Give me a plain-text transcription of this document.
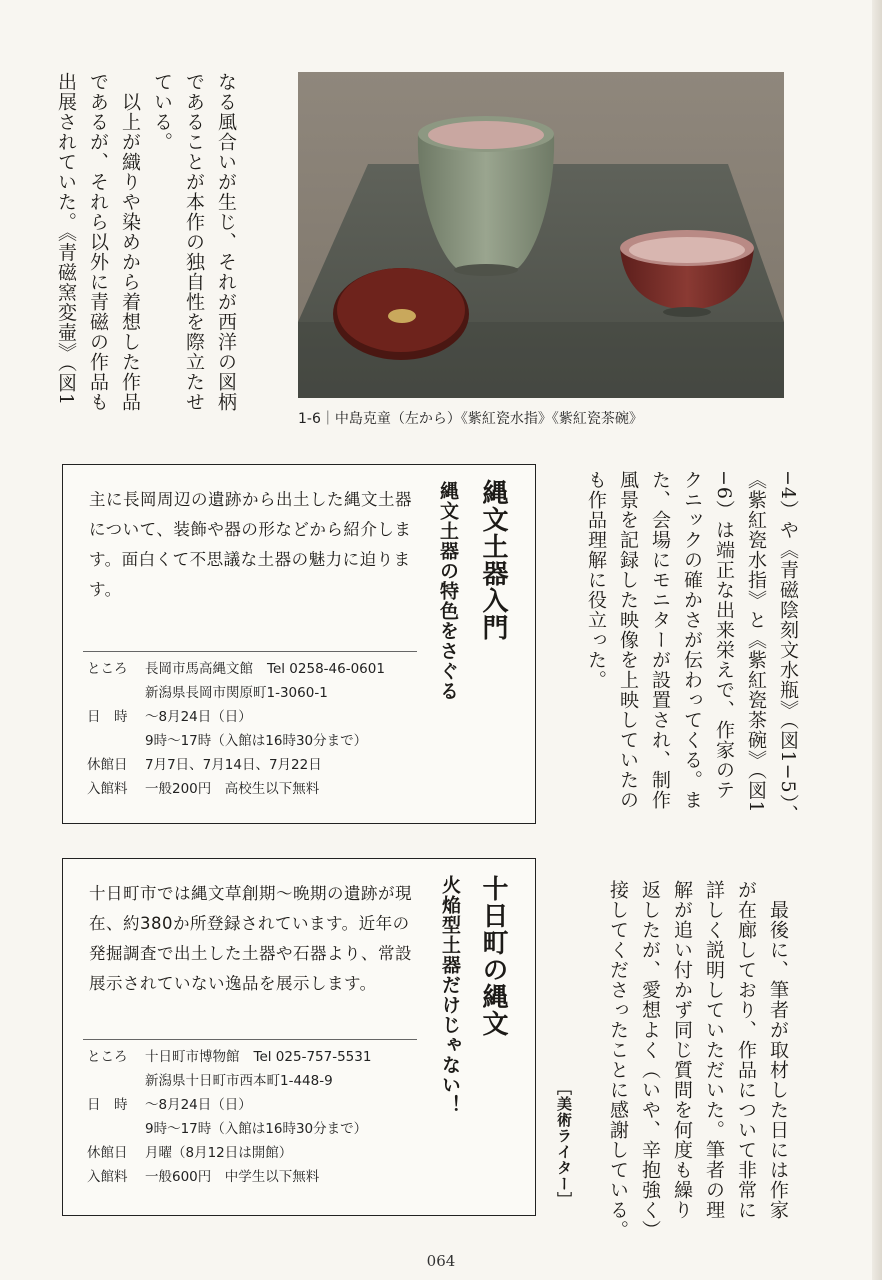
なる風合いが生じ、それが西洋の図柄
であることが本作の独自性を際立たせ
ている。
　以上が織りや染めから着想した作品
であるが、それら以外に青磁の作品も
出展されていた。《青磁窯変壷》（図1
1-6｜中島克童（左から）《紫紅瓷水指》《紫紅瓷茶碗》
−4）や《青磁陰刻文水瓶》（図1−5）、
《紫紅瓷水指》と《紫紅瓷茶碗》（図1
−6）は端正な出来栄えで、作家のテ
クニックの確かさが伝わってくる。ま
た、会場にモニターが設置され、制作
風景を記録した映像を上映していたの
も作品理解に役立った。
　最後に、筆者が取材した日には作家
が在廊しており、作品について非常に
詳しく説明していただいた。筆者の理
解が追い付かず同じ質問を何度も繰り
返したが、愛想よく（いや、辛抱強く）
接してくださったことに感謝している。
［美術ライター］
主に長岡周辺の遺跡から出土した縄文土器について、装飾や器の形などから紹介します。面白くて不思議な土器の魅力に迫ります。	縄文土器入門
縄文土器の特色をさぐる
ところ	長岡市馬高縄文館 Tel 0258-46-0601
新潟県長岡市関原町1-3060-1
日　時	～8月24日（日）
9時～17時（入館は16時30分まで）
休館日	7月7日、7月14日、7月22日
入館料	一般200円　高校生以下無料
十日町市では縄文草創期～晩期の遺跡が現在、約380か所登録されています。近年の発掘調査で出土した土器や石器より、常設展示されていない逸品を展示します。	十日町の縄文
火焔型土器だけじゃない！
ところ	十日町市博物館 Tel 025-757-5531
新潟県十日町市西本町1-448-9
日　時	～8月24日（日）
9時～17時（入館は16時30分まで）
休館日	月曜（8月12日は開館）
入館料	一般600円　中学生以下無料
064
